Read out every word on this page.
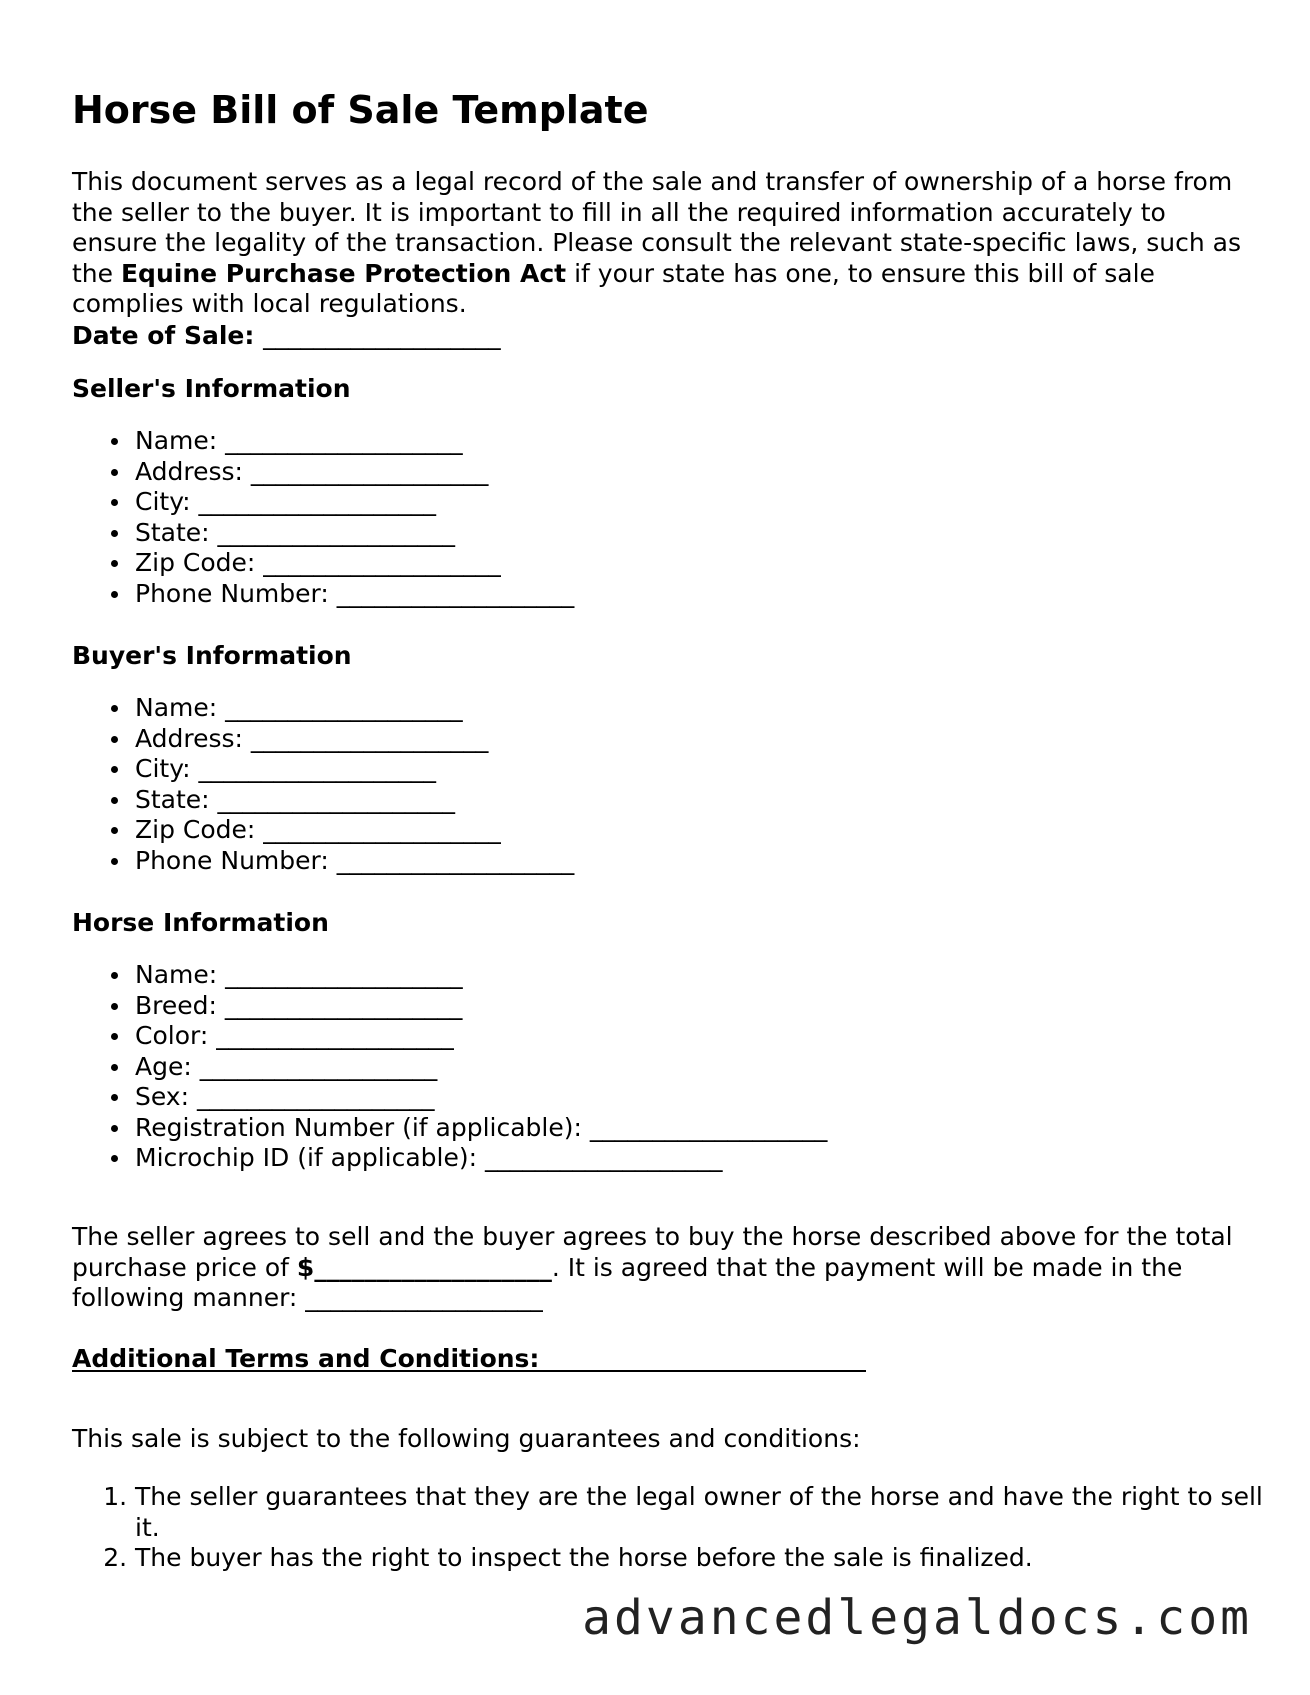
Horse Bill of Sale Template

This document serves as a legal record of the sale and transfer of ownership of a horse from the seller to the buyer. It is important to fill in all the required information accurately to ensure the legality of the transaction. Please consult the relevant state-specific laws, such as the Equine Purchase Protection Act if your state has one, to ensure this bill of sale complies with local regulations.

Date of Sale: ___________________

Seller's Information
Name: ___________________
Address: ___________________
City: ___________________
State: ___________________
Zip Code: ___________________
Phone Number: ___________________
Buyer's Information
Name: ___________________
Address: ___________________
City: ___________________
State: ___________________
Zip Code: ___________________
Phone Number: ___________________
Horse Information
Name: ___________________
Breed: ___________________
Color: ___________________
Age: ___________________
Sex: ___________________
Registration Number (if applicable): ___________________
Microchip ID (if applicable): ___________________

The seller agrees to sell and the buyer agrees to buy the horse described above for the total purchase price of $___________________. It is agreed that the payment will be made in the following manner: ___________________

Additional Terms and Conditions:

This sale is subject to the following guarantees and conditions:

1. The seller guarantees that they are the legal owner of the horse and have the right to sell it.
2. The buyer has the right to inspect the horse before the sale is finalized.
advancedlegaldocs.com
